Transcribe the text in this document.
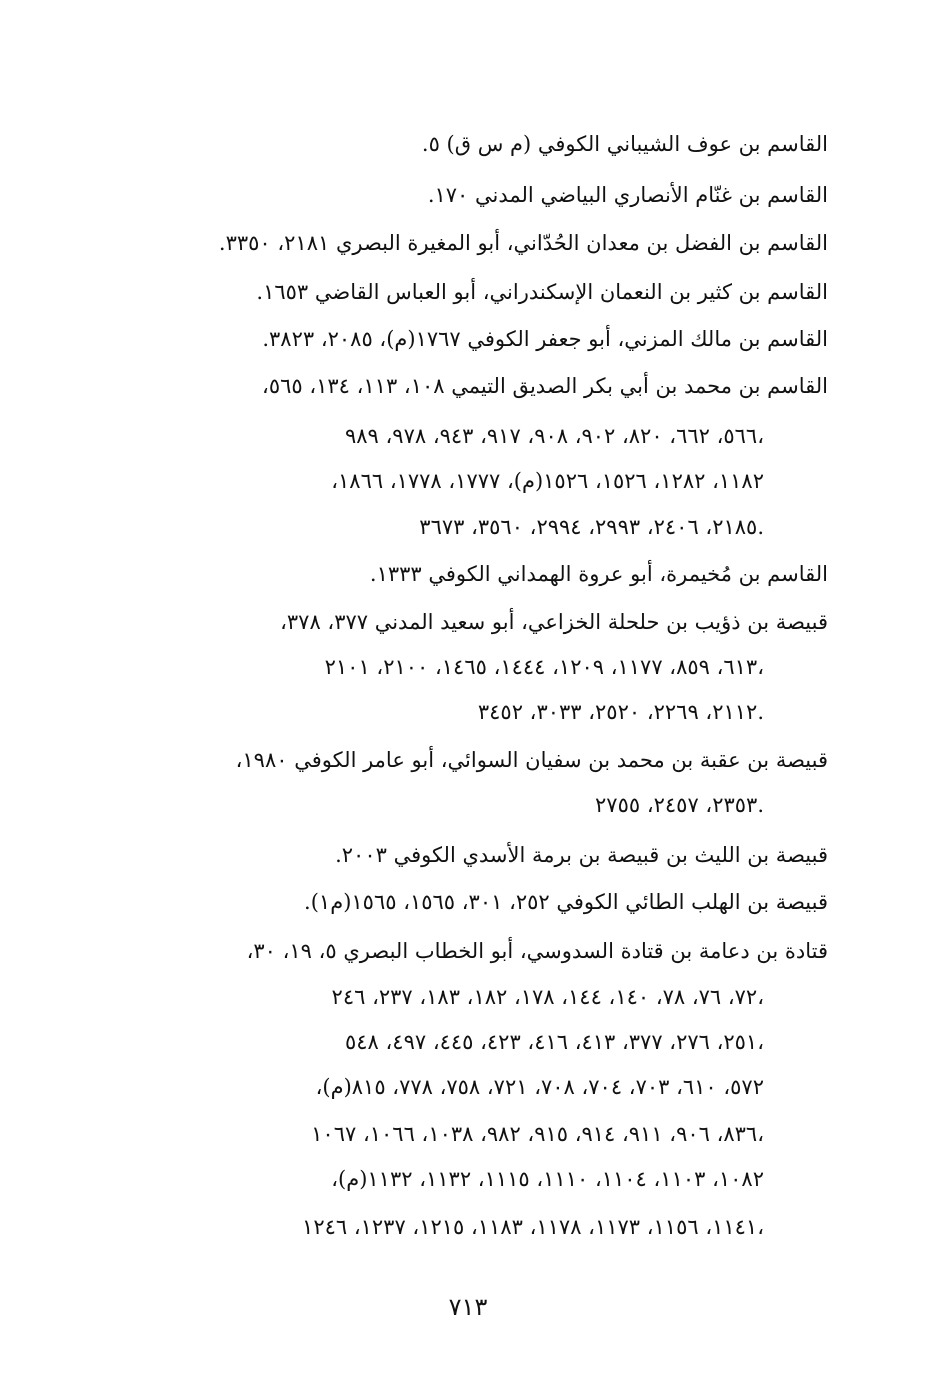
القاسم بن عوف الشيباني الكوفي (م س ق) ٥.
القاسم بن غنّام الأنصاري البياضي المدني ١٧٠.
القاسم بن الفضل بن معدان الحُدّاني، أبو المغيرة البصري ٢١٨١، ٣٣٥٠.
القاسم بن كثير بن النعمان الإسكندراني، أبو العباس القاضي ١٦٥٣.
القاسم بن مالك المزني، أبو جعفر الكوفي ١٧٦٧(م)، ٢٠٨٥، ٣٨٢٣.
القاسم بن محمد بن أبي بكر الصديق التيمي ١٠٨، ١١٣، ١٣٤، ٥٦٥،
٥٦٦، ٦٦٢، ٨٢٠، ٩٠٢، ٩٠٨، ٩١٧، ٩٤٣، ٩٧٨، ٩٨٩،
١١٨٢، ١٢٨٢، ١٥٢٦، ١٥٢٦(م)، ١٧٧٧، ١٧٧٨، ١٨٦٦،
٢١٨٥، ٢٤٠٦، ٢٩٩٣، ٢٩٩٤، ٣٥٦٠، ٣٦٧٣.
القاسم بن مُخيمرة، أبو عروة الهمداني الكوفي ١٣٣٣.
قبيصة بن ذؤيب بن حلحلة الخزاعي، أبو سعيد المدني ٣٧٧، ٣٧٨،
٦١٣، ٨٥٩، ١١٧٧، ١٢٠٩، ١٤٤٤، ١٤٦٥، ٢١٠٠، ٢١٠١،
٢١١٢، ٢٢٦٩، ٢٥٢٠، ٣٠٣٣، ٣٤٥٢.
قبيصة بن عقبة بن محمد بن سفيان السوائي، أبو عامر الكوفي ١٩٨٠،
٢٣٥٣، ٢٤٥٧، ٢٧٥٥.
قبيصة بن الليث بن قبيصة بن برمة الأسدي الكوفي ٢٠٠٣.
قبيصة بن الهلب الطائي الكوفي ٢٥٢، ٣٠١، ١٥٦٥، ١٥٦٥(م١).
قتادة بن دعامة بن قتادة السدوسي، أبو الخطاب البصري ٥، ١٩، ٣٠،
٧٢، ٧٦، ٧٨، ١٤٠، ١٤٤، ١٧٨، ١٨٢، ١٨٣، ٢٣٧، ٢٤٦،
٢٥١، ٢٧٦، ٣٧٧، ٤١٣، ٤١٦، ٤٢٣، ٤٤٥، ٤٩٧، ٥٤٨،
٥٧٢، ٦١٠، ٧٠٣، ٧٠٤، ٧٠٨، ٧٢١، ٧٥٨، ٧٧٨، ٨١٥(م)،
٨٣٦، ٩٠٦، ٩١١، ٩١٤، ٩١٥، ٩٨٢، ١٠٣٨، ١٠٦٦، ١٠٦٧،
١٠٨٢، ١١٠٣، ١١٠٤، ١١١٠، ١١١٥، ١١٣٢، ١١٣٢(م)،
١١٤١، ١١٥٦، ١١٧٣، ١١٧٨، ١١٨٣، ١٢١٥، ١٢٣٧، ١٢٤٦،
٧١٣
